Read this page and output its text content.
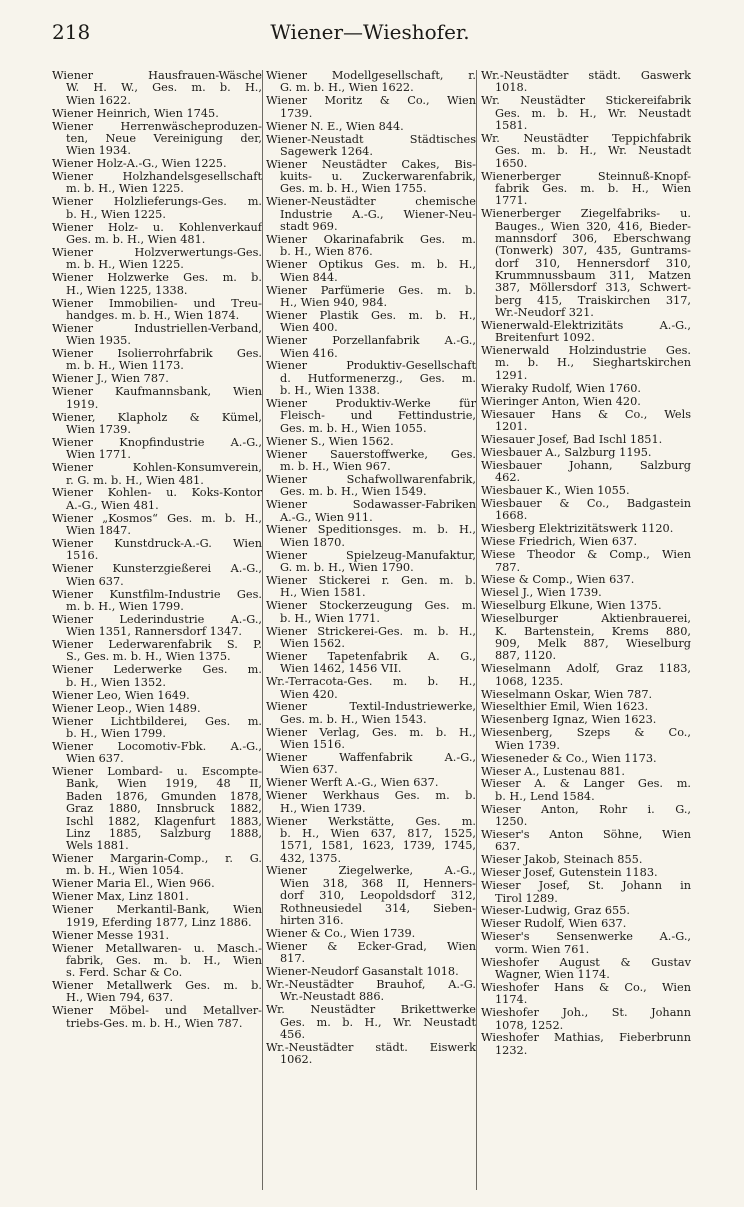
218	Wiener—Wieshofer.
Wiener Hausfrauen-Wäsche
W. H. W., Ges. m. b. H.,
Wien 1622.
Wiener Heinrich, Wien 1745.
Wiener Herrenwäscheproduzen-
ten, Neue Vereinigung der,
Wien 1934.
Wiener Holz-A.-G., Wien 1225.
Wiener Holzhandelsgesellschaft
m. b. H., Wien 1225.
Wiener Holzlieferungs-Ges. m.
b. H., Wien 1225.
Wiener Holz- u. Kohlenverkauf
Ges. m. b. H., Wien 481.
Wiener Holzverwertungs-Ges.
m. b. H., Wien 1225.
Wiener Holzwerke Ges. m. b.
H., Wien 1225, 1338.
Wiener Immobilien- und Treu-
handges. m. b. H., Wien 1874.
Wiener Industriellen-Verband,
Wien 1935.
Wiener Isolierrohrfabrik Ges.
m. b. H., Wien 1173.
Wiener J., Wien 787.
Wiener Kaufmannsbank, Wien
1919.
Wiener, Klapholz & Kümel,
Wien 1739.
Wiener Knopfindustrie A.-G.,
Wien 1771.
Wiener Kohlen-Konsumverein,
r. G. m. b. H., Wien 481.
Wiener Kohlen- u. Koks-Kontor
A.-G., Wien 481.
Wiener „Kosmos“ Ges. m. b. H.,
Wien 1847.
Wiener Kunstdruck-A.-G. Wien
1516.
Wiener Kunsterzgießerei A.-G.,
Wien 637.
Wiener Kunstfilm-Industrie Ges.
m. b. H., Wien 1799.
Wiener Lederindustrie A.-G.,
Wien 1351, Rannersdorf 1347.
Wiener Lederwarenfabrik S. P.
S., Ges. m. b. H., Wien 1375.
Wiener Lederwerke Ges. m.
b. H., Wien 1352.
Wiener Leo, Wien 1649.
Wiener Leop., Wien 1489.
Wiener Lichtbilderei, Ges. m.
b. H., Wien 1799.
Wiener Locomotiv-Fbk. A.-G.,
Wien 637.
Wiener Lombard- u. Escompte-
Bank, Wien 1919, 48 II,
Baden 1876, Gmunden 1878,
Graz 1880, Innsbruck 1882,
Ischl 1882, Klagenfurt 1883,
Linz 1885, Salzburg 1888,
Wels 1881.
Wiener Margarin-Comp., r. G.
m. b. H., Wien 1054.
Wiener Maria El., Wien 966.
Wiener Max, Linz 1801.
Wiener Merkantil-Bank, Wien
1919, Eferding 1877, Linz 1886.
Wiener Messe 1931.
Wiener Metallwaren- u. Masch.-
fabrik, Ges. m. b. H., Wien
s. Ferd. Schar & Co.
Wiener Metallwerk Ges. m. b.
H., Wien 794, 637.
Wiener Möbel- und Metallver-
triebs-Ges. m. b. H., Wien 787.
Wiener Modellgesellschaft, r.
G. m. b. H., Wien 1622.
Wiener Moritz & Co., Wien
1739.
Wiener N. E., Wien 844.
Wiener-Neustadt Städtisches
Sagewerk 1264.
Wiener Neustädter Cakes, Bis-
kuits- u. Zuckerwarenfabrik,
Ges. m. b. H., Wien 1755.
Wiener-Neustädter chemische
Industrie A.-G., Wiener-Neu-
stadt 969.
Wiener Okarinafabrik Ges. m.
b. H., Wien 876.
Wiener Optikus Ges. m. b. H.,
Wien 844.
Wiener Parfümerie Ges. m. b.
H., Wien 940, 984.
Wiener Plastik Ges. m. b. H.,
Wien 400.
Wiener Porzellanfabrik A.-G.,
Wien 416.
Wiener Produktiv-Gesellschaft
d. Hutformenerzg., Ges. m.
b. H., Wien 1338.
Wiener Produktiv-Werke für
Fleisch- und Fettindustrie,
Ges. m. b. H., Wien 1055.
Wiener S., Wien 1562.
Wiener Sauerstoffwerke, Ges.
m. b. H., Wien 967.
Wiener Schafwollwarenfabrik,
Ges. m. b. H., Wien 1549.
Wiener Sodawasser-Fabriken
A.-G., Wien 911.
Wiener Speditionsges. m. b. H.,
Wien 1870.
Wiener Spielzeug-Manufaktur,
G. m. b. H., Wien 1790.
Wiener Stickerei r. Gen. m. b.
H., Wien 1581.
Wiener Stockerzeugung Ges. m.
b. H., Wien 1771.
Wiener Strickerei-Ges. m. b. H.,
Wien 1562.
Wiener Tapetenfabrik A. G.,
Wien 1462, 1456 VII.
Wr.-Terracota-Ges. m. b. H.,
Wien 420.
Wiener Textil-Industriewerke,
Ges. m. b. H., Wien 1543.
Wiener Verlag, Ges. m. b. H.,
Wien 1516.
Wiener Waffenfabrik A.-G.,
Wien 637.
Wiener Werft A.-G., Wien 637.
Wiener Werkhaus Ges. m. b.
H., Wien 1739.
Wiener Werkstätte, Ges. m.
b. H., Wien 637, 817, 1525,
1571, 1581, 1623, 1739, 1745,
432, 1375.
Wiener Ziegelwerke, A.-G.,
Wien 318, 368 II, Henners-
dorf 310, Leopoldsdorf 312,
Rothneusiedel 314, Sieben-
hirten 316.
Wiener & Co., Wien 1739.
Wiener & Ecker-Grad, Wien
817.
Wiener-Neudorf Gasanstalt 1018.
Wr.-Neustädter Brauhof, A.-G.
Wr.-Neustadt 886.
Wr. Neustädter Brikettwerke
Ges. m. b. H., Wr. Neustadt
456.
Wr.-Neustädter städt. Eiswerk
1062.
Wr.-Neustädter städt. Gaswerk
1018.
Wr. Neustädter Stickereifabrik
Ges. m. b. H., Wr. Neustadt
1581.
Wr. Neustädter Teppichfabrik
Ges. m. b. H., Wr. Neustadt
1650.
Wienerberger Steinnuß-Knopf-
fabrik Ges. m. b. H., Wien
1771.
Wienerberger Ziegelfabriks- u.
Bauges., Wien 320, 416, Bieder-
mannsdorf 306, Eberschwang
(Tonwerk) 307, 435, Guntrams-
dorf 310, Hennersdorf 310,
Krummnussbaum 311, Matzen
387, Möllersdorf 313, Schwert-
berg 415, Traiskirchen 317,
Wr.-Neudorf 321.
Wienerwald-Elektrizitäts A.-G.,
Breitenfurt 1092.
Wienerwald Holzindustrie Ges.
m. b. H., Sieghartskirchen
1291.
Wieraky Rudolf, Wien 1760.
Wieringer Anton, Wien 420.
Wiesauer Hans & Co., Wels
1201.
Wiesauer Josef, Bad Ischl 1851.
Wiesbauer A., Salzburg 1195.
Wiesbauer Johann, Salzburg
462.
Wiesbauer K., Wien 1055.
Wiesbauer & Co., Badgastein
1668.
Wiesberg Elektrizitätswerk 1120.
Wiese Friedrich, Wien 637.
Wiese Theodor & Comp., Wien
787.
Wiese & Comp., Wien 637.
Wiesel J., Wien 1739.
Wieselburg Elkune, Wien 1375.
Wieselburger Aktienbrauerei,
K. Bartenstein, Krems 880,
909, Melk 887, Wieselburg
887, 1120.
Wieselmann Adolf, Graz 1183,
1068, 1235.
Wieselmann Oskar, Wien 787.
Wieselthier Emil, Wien 1623.
Wiesenberg Ignaz, Wien 1623.
Wiesenberg, Szeps & Co.,
Wien 1739.
Wieseneder & Co., Wien 1173.
Wieser A., Lustenau 881.
Wieser A. & Langer Ges. m.
b. H., Lend 1584.
Wieser Anton, Rohr i. G.,
1250.
Wieser's Anton Söhne, Wien
637.
Wieser Jakob, Steinach 855.
Wieser Josef, Gutenstein 1183.
Wieser Josef, St. Johann in
Tirol 1289.
Wieser-Ludwig, Graz 655.
Wieser Rudolf, Wien 637.
Wieser's Sensenwerke A.-G.,
vorm. Wien 761.
Wieshofer August & Gustav
Wagner, Wien 1174.
Wieshofer Hans & Co., Wien
1174.
Wieshofer Joh., St. Johann
1078, 1252.
Wieshofer Mathias, Fieberbrunn
1232.
